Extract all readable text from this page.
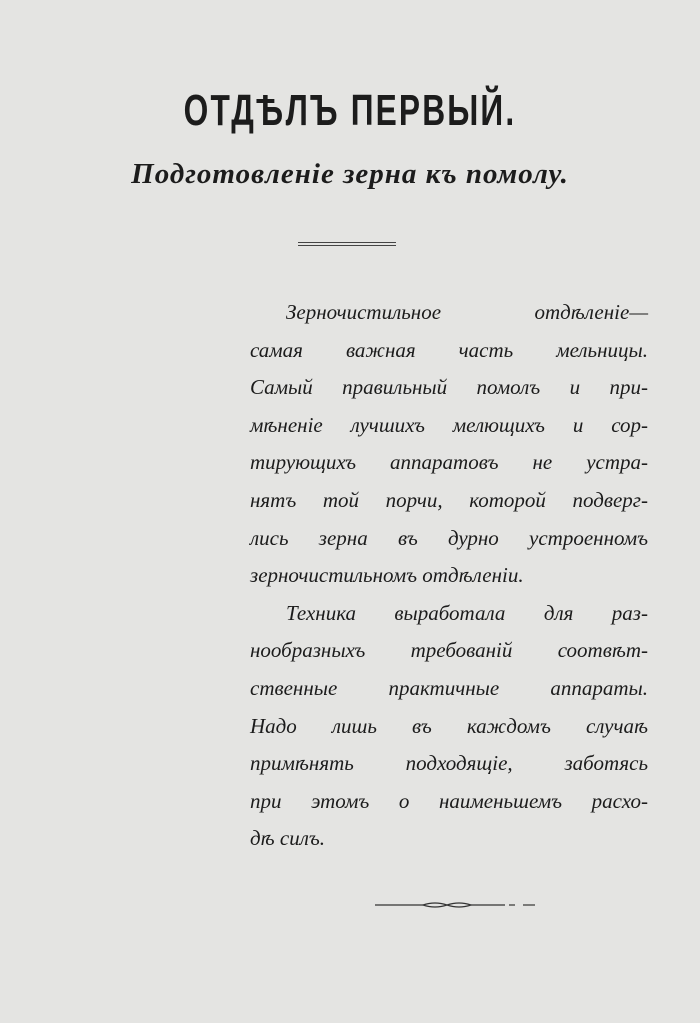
ОТДѢЛЪ ПЕРВЫЙ.
Подготовленіе зерна къ помолу.
Зерночистильное отдѣленіе—
самая важная часть мельницы.
Самый правильный помолъ и при-
мѣненіе лучшихъ мелющихъ и сор-
тирующихъ аппаратовъ не устра-
нятъ той порчи, которой подверг-
лись зерна въ дурно устроенномъ
зерночистильномъ отдѣленіи.
Техника выработала для раз-
нообразныхъ требованій соотвѣт-
ственные практичные аппараты.
Надо лишь въ каждомъ случаѣ
примѣнять подходящіе, заботясь
при этомъ о наименьшемъ расхо-
дѣ силъ.
